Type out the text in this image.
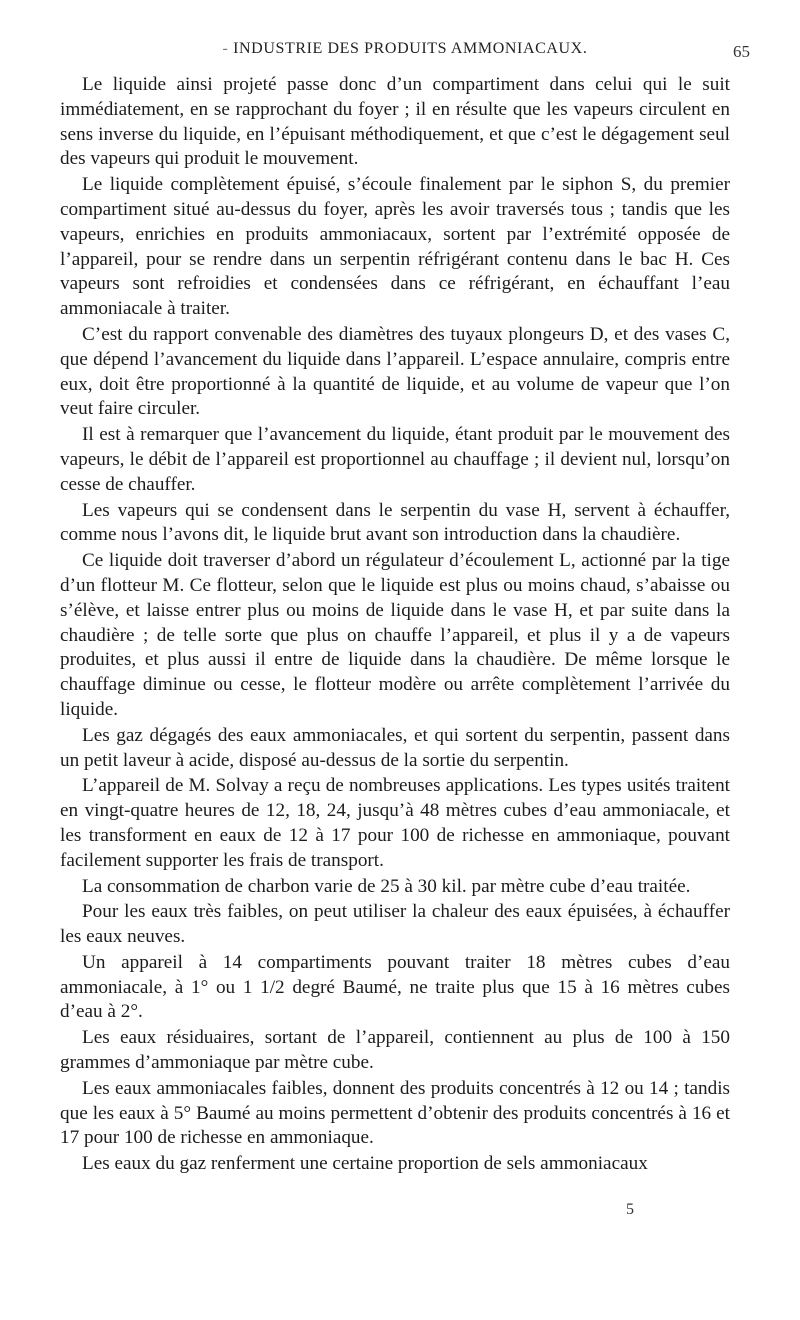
- INDUSTRIE DES PRODUITS AMMONIACAUX.	65

Le liquide ainsi projeté passe donc d’un compartiment dans celui qui le suit immédiatement, en se rapprochant du foyer ; il en résulte que les vapeurs circulent en sens inverse du liquide, en l’épuisant méthodiquement, et que c’est le dégagement seul des vapeurs qui produit le mouvement.

Le liquide complètement épuisé, s’écoule finalement par le siphon S, du premier compartiment situé au-dessus du foyer, après les avoir traversés tous ; tandis que les vapeurs, enrichies en produits ammoniacaux, sortent par l’extrémité opposée de l’appareil, pour se rendre dans un serpentin réfrigérant contenu dans le bac H. Ces vapeurs sont refroidies et condensées dans ce réfrigérant, en échauffant l’eau ammoniacale à traiter.

C’est du rapport convenable des diamètres des tuyaux plongeurs D, et des vases C, que dépend l’avancement du liquide dans l’appareil. L’espace annulaire, compris entre eux, doit être proportionné à la quantité de liquide, et au volume de vapeur que l’on veut faire circuler.

Il est à remarquer que l’avancement du liquide, étant produit par le mouvement des vapeurs, le débit de l’appareil est proportionnel au chauffage ; il devient nul, lorsqu’on cesse de chauffer.

Les vapeurs qui se condensent dans le serpentin du vase H, servent à échauffer, comme nous l’avons dit, le liquide brut avant son introduction dans la chaudière.

Ce liquide doit traverser d’abord un régulateur d’écoulement L, actionné par la tige d’un flotteur M. Ce flotteur, selon que le liquide est plus ou moins chaud, s’abaisse ou s’élève, et laisse entrer plus ou moins de liquide dans le vase H, et par suite dans la chaudière ; de telle sorte que plus on chauffe l’appareil, et plus il y a de vapeurs produites, et plus aussi il entre de liquide dans la chaudière. De même lorsque le chauffage diminue ou cesse, le flotteur modère ou arrête complètement l’arrivée du liquide.

Les gaz dégagés des eaux ammoniacales, et qui sortent du serpentin, passent dans un petit laveur à acide, disposé au-dessus de la sortie du serpentin.

L’appareil de M. Solvay a reçu de nombreuses applications. Les types usités traitent en vingt-quatre heures de 12, 18, 24, jusqu’à 48 mètres cubes d’eau ammoniacale, et les transforment en eaux de 12 à 17 pour 100 de richesse en ammoniaque, pouvant facilement supporter les frais de transport.

La consommation de charbon varie de 25 à 30 kil. par mètre cube d’eau traitée.

Pour les eaux très faibles, on peut utiliser la chaleur des eaux épuisées, à échauffer les eaux neuves.

Un appareil à 14 compartiments pouvant traiter 18 mètres cubes d’eau ammoniacale, à 1° ou 1 1/2 degré Baumé, ne traite plus que 15 à 16 mètres cubes d’eau à 2°.

Les eaux résiduaires, sortant de l’appareil, contiennent au plus de 100 à 150 grammes d’ammoniaque par mètre cube.

Les eaux ammoniacales faibles, donnent des produits concentrés à 12 ou 14 ; tandis que les eaux à 5° Baumé au moins permettent d’obtenir des produits concentrés à 16 et 17 pour 100 de richesse en ammoniaque.

Les eaux du gaz renferment une certaine proportion de sels ammoniacaux

5
